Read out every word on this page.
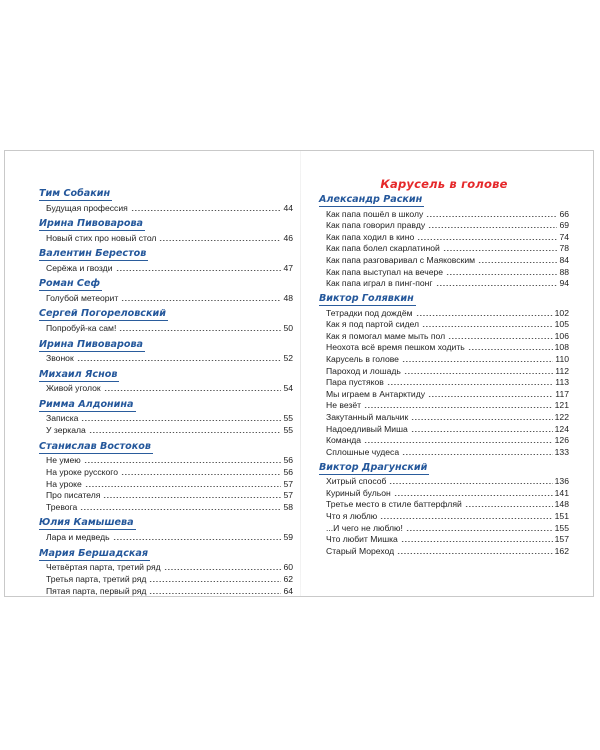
Тим Собакин
Будущая профессия	44
Ирина Пивоварова
Новый стих про новый стол	46
Валентин Берестов
Серёжа и гвозди	47
Роман Сеф
Голубой метеорит	48
Сергей Погореловский
Попробуй-ка сам!	50
Ирина Пивоварова
Звонок	52
Михаил Яснов
Живой уголок	54
Римма Алдонина
Записка	55
У зеркала	55
Станислав Востоков
Не умею	56
На уроке русского	56
На уроке	57
Про писателя	57
Тревога	58
Юлия Камышева
Лара и медведь	59
Мария Бершадская
Четвёртая парта, третий ряд	60
Третья парта, третий ряд	62
Пятая парта, первый ряд	64
Карусель в голове
Александр Раскин
Как папа пошёл в школу	66
Как папа говорил правду	69
Как папа ходил в кино	74
Как папа болел скарлатиной	78
Как папа разговаривал с Маяковским	84
Как папа выступал на вечере	88
Как папа играл в пинг-понг	94
Виктор Голявкин
Тетрадки под дождём	102
Как я под партой сидел	105
Как я помогал маме мыть пол	106
Неохота всё время пешком ходить	108
Карусель в голове	110
Пароход и лошадь	112
Пара пустяков	113
Мы играем в Антарктиду	117
Не везёт	121
Закутанный мальчик	122
Надоедливый Миша	124
Команда	126
Сплошные чудеса	133
Виктор Драгунский
Хитрый способ	136
Куриный бульон	141
Третье место в стиле баттерфляй	148
Что я люблю	151
...И чего не люблю!	155
Что любит Мишка	157
Старый Мореход	162
